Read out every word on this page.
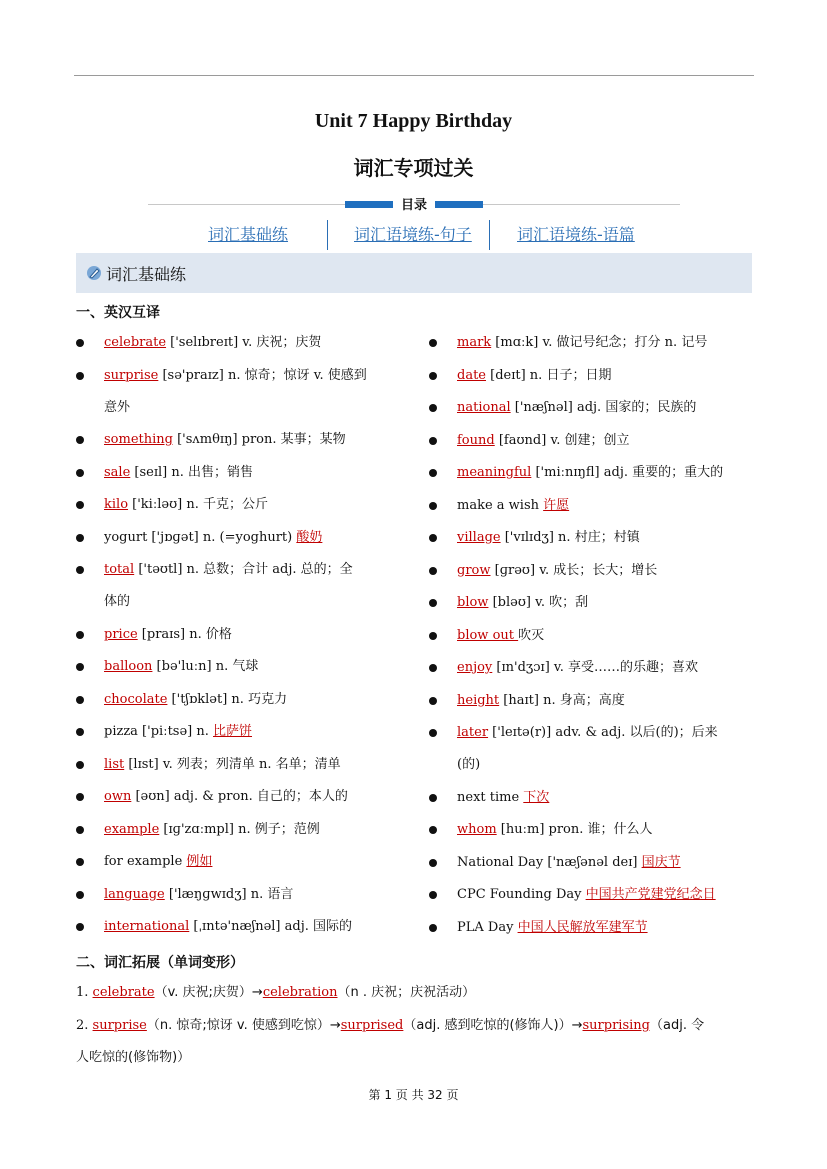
Unit 7 Happy Birthday
词汇专项过关
目录
词汇基础练	词汇语境练-句子	词汇语境练-语篇
词汇基础练
一、英汉互译
celebrate ['selɪbreɪt] v. 庆祝；庆贺
surprise [sə'praɪz] n. 惊奇；惊讶 v. 使感到
意外
something ['sʌmθɪŋ] pron. 某事；某物
sale [seɪl] n. 出售；销售
kilo ['kiːləʊ] n. 千克；公斤
yogurt ['jɒɡət] n. (=yoghurt) 酸奶
total ['təʊtl] n. 总数；合计 adj. 总的；全
体的
price [praɪs] n. 价格
balloon [bə'luːn] n. 气球
chocolate ['tʃɒklət] n. 巧克力
pizza ['piːtsə] n. 比萨饼
list [lɪst] v. 列表；列清单 n. 名单；清单
own [əʊn] adj. & pron. 自己的；本人的
example [ɪɡ'zɑːmpl] n. 例子；范例
for example 例如
language ['læŋɡwɪdʒ] n. 语言
international [ˌɪntə'næʃnəl] adj. 国际的
mark [mɑːk] v. 做记号纪念；打分 n. 记号
date [deɪt] n. 日子；日期
national ['næʃnəl] adj. 国家的；民族的
found [faʊnd] v. 创建；创立
meaningful ['miːnɪŋfl] adj. 重要的；重大的
make a wish 许愿
village ['vɪlɪdʒ] n. 村庄；村镇
grow [ɡrəʊ] v. 成长；长大；增长
blow [bləʊ] v. 吹；刮
blow out 吹灭
enjoy [ɪn'dʒɔɪ] v. 享受……的乐趣；喜欢
height [haɪt] n. 身高；高度
later ['leɪtə(r)] adv. & adj. 以后(的)；后来
(的)
next time 下次
whom [huːm] pron. 谁；什么人
National Day ['næʃənəl deɪ] 国庆节
CPC Founding Day 中国共产党建党纪念日
PLA Day 中国人民解放军建军节
二、词汇拓展（单词变形）
1. celebrate（v. 庆祝;庆贺）→celebration（n . 庆祝；庆祝活动）
2. surprise（n. 惊奇;惊讶 v. 使感到吃惊）→surprised（adj. 感到吃惊的(修饰人)）→surprising（adj. 令
人吃惊的(修饰物)）
第 1 页 共 32 页
